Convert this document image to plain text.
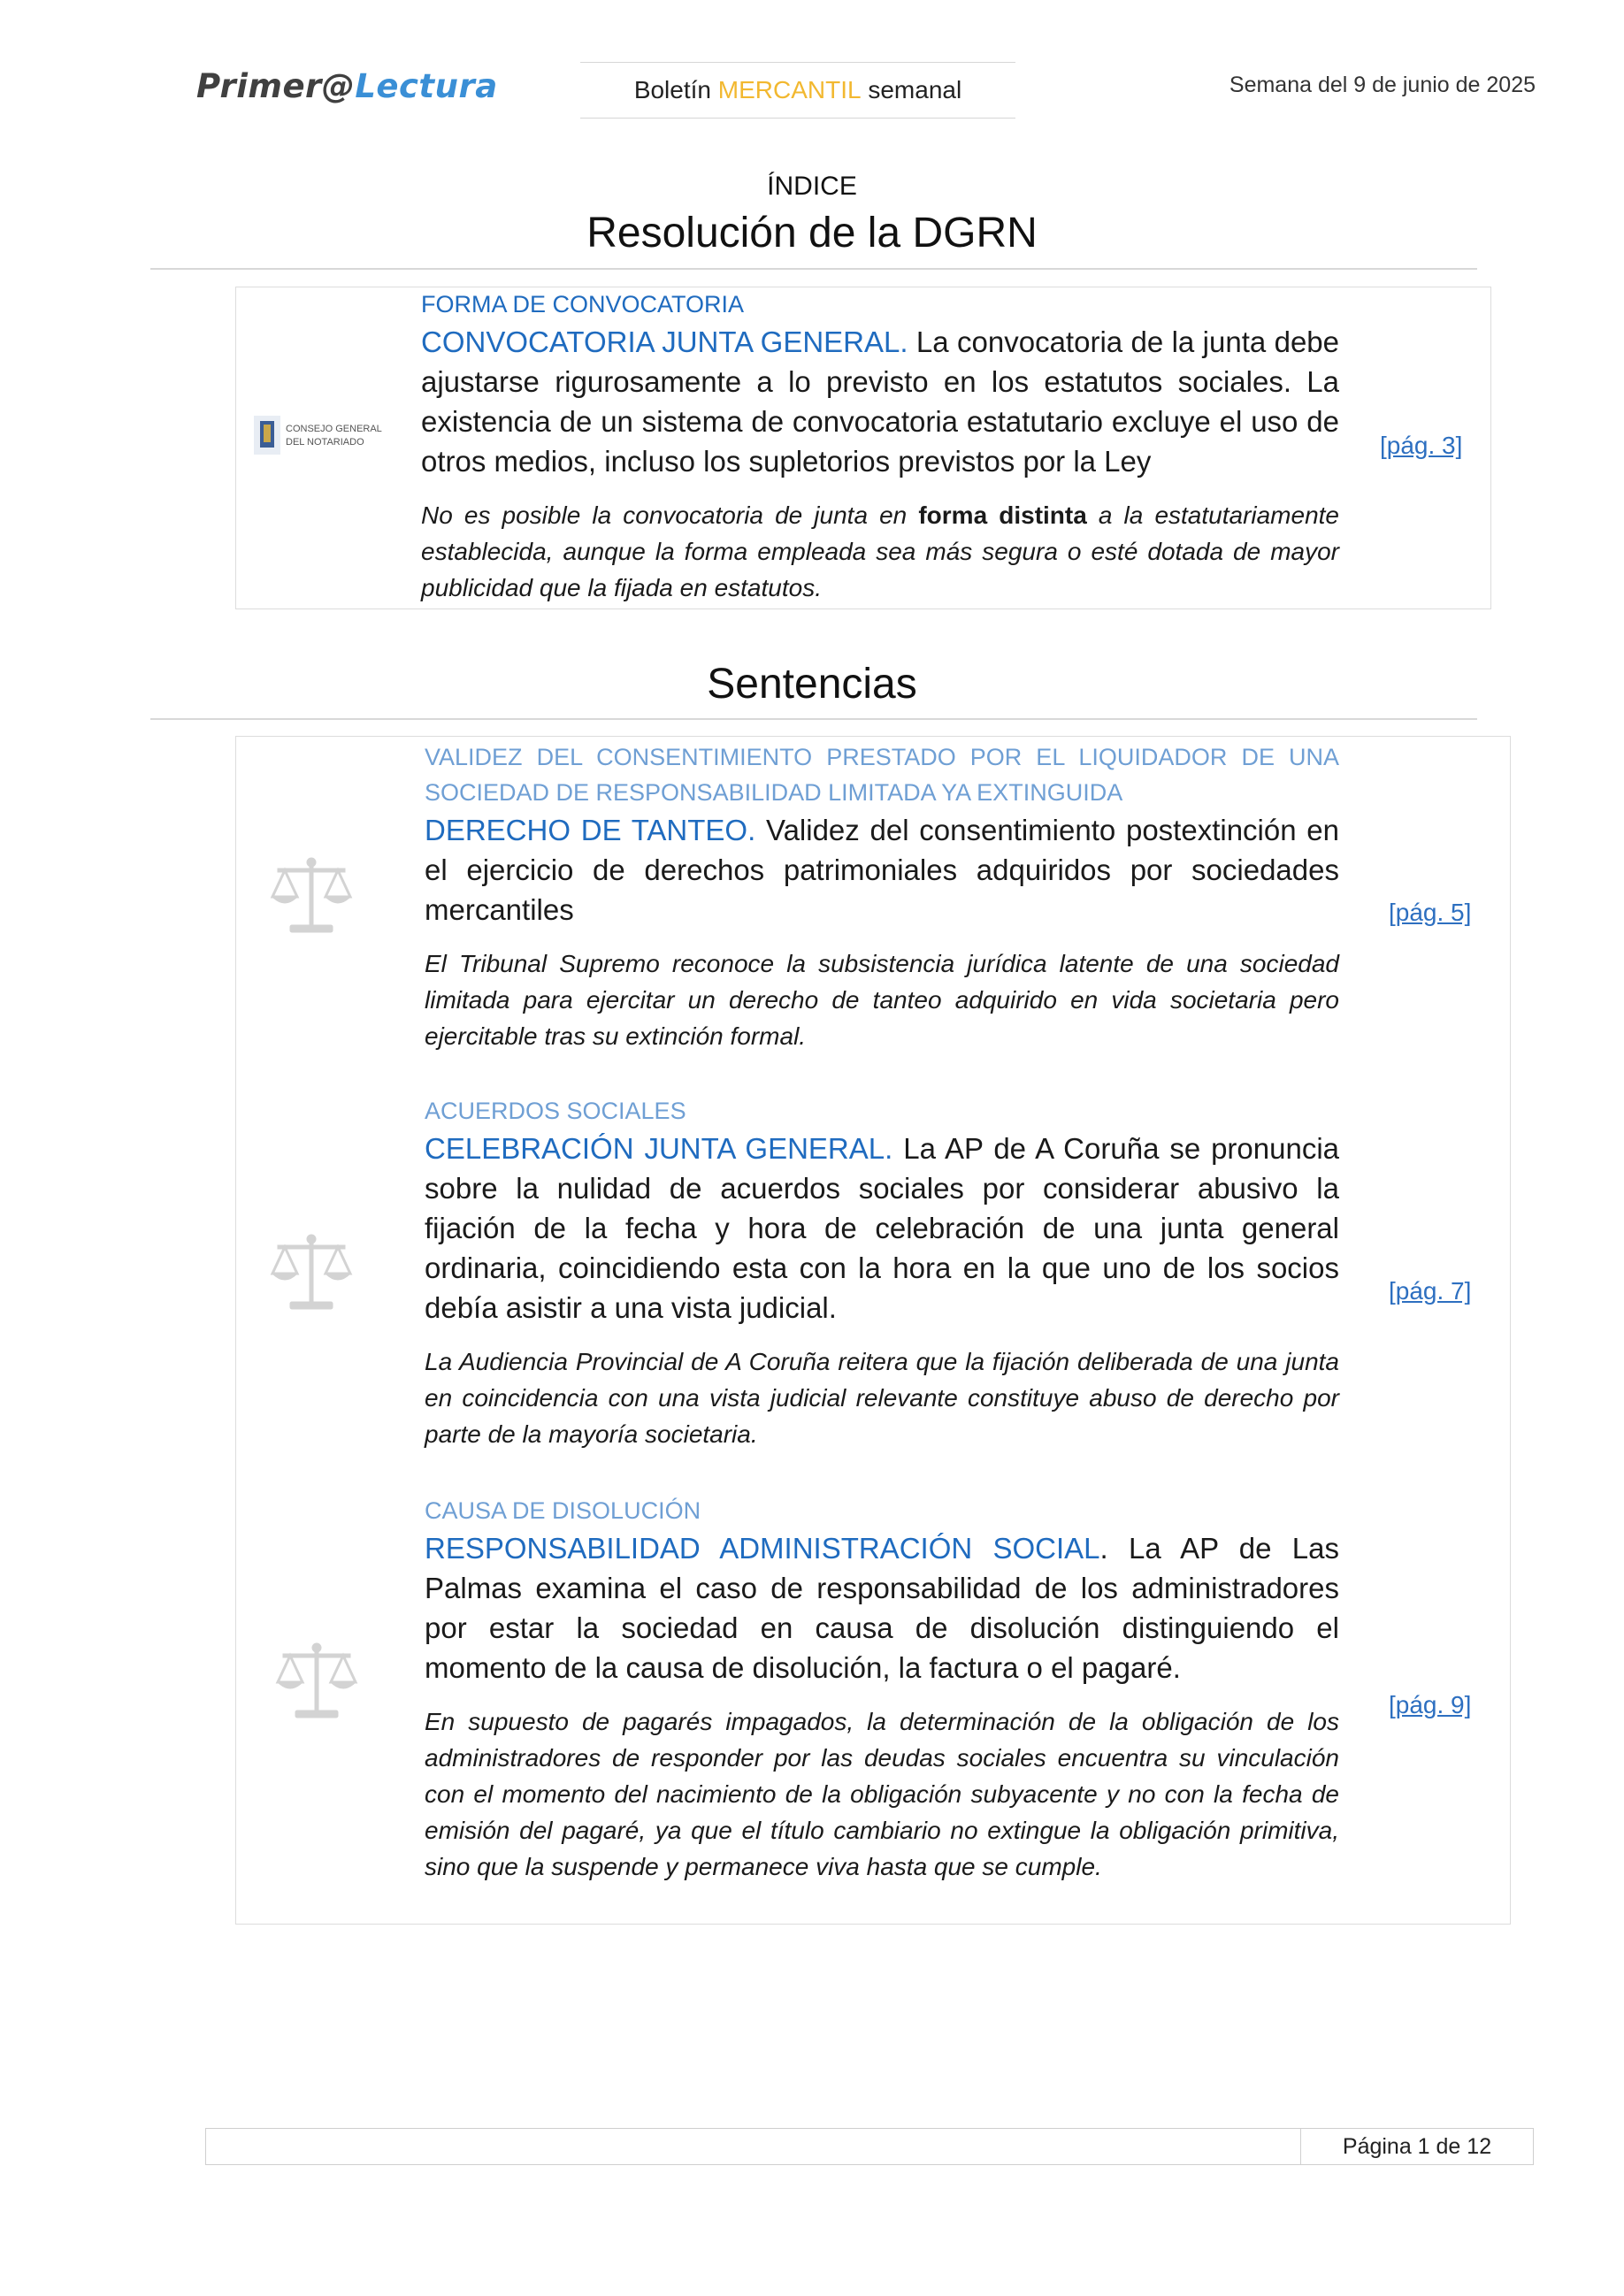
Primer@Lectura	Boletín
MERCANTIL
semanal	Semana del 9 de junio de 2025
ÍNDICE
Resolución de la DGRN
CONSEJO GENERAL
DEL NOTARIADO
FORMA DE CONVOCATORIA

CONVOCATORIA JUNTA GENERAL. La convocatoria de la junta debe ajustarse rigurosamente a lo previsto en los estatutos sociales. La existencia de un sistema de convocatoria estatutario excluye el uso de otros medios, incluso los supletorios previstos por la Ley

No es posible la convocatoria de junta en forma distinta a la estatutariamente establecida, aunque la forma empleada sea más segura o esté dotada de mayor publicidad que la fijada en estatutos.

[pág. 3]
Sentencias
VALIDEZ DEL CONSENTIMIENTO PRESTADO POR EL LIQUIDADOR DE UNA SOCIEDAD DE RESPONSABILIDAD LIMITADA YA EXTINGUIDA

DERECHO DE TANTEO. Validez del consentimiento postextinción en el ejercicio de derechos patrimoniales adquiridos por sociedades mercantiles

El Tribunal Supremo reconoce la subsistencia jurídica latente de una sociedad limitada para ejercitar un derecho de tanteo adquirido en vida societaria pero ejercitable tras su extinción formal.

[pág. 5]
ACUERDOS SOCIALES

CELEBRACIÓN JUNTA GENERAL. La AP de A Coruña se pronuncia sobre la nulidad de acuerdos sociales por considerar abusivo la fijación de la fecha y hora de celebración de una junta general ordinaria, coincidiendo esta con la hora en la que uno de los socios debía asistir a una vista judicial.

La Audiencia Provincial de A Coruña reitera que la fijación deliberada de una junta en coincidencia con una vista judicial relevante constituye abuso de derecho por parte de la mayoría societaria.

[pág. 7]
CAUSA DE DISOLUCIÓN

RESPONSABILIDAD ADMINISTRACIÓN SOCIAL. La AP de Las Palmas examina el caso de responsabilidad de los administradores por estar la sociedad en causa de disolución distinguiendo el momento de la causa de disolución, la factura o el pagaré.

En supuesto de pagarés impagados, la determinación de la obligación de los administradores de responder por las deudas sociales encuentra su vinculación con el momento del nacimiento de la obligación subyacente y no con la fecha de emisión del pagaré, ya que el título cambiario no extingue la obligación primitiva, sino que la suspende y permanece viva hasta que se cumple.

[pág. 9]
Página 1 de 12
